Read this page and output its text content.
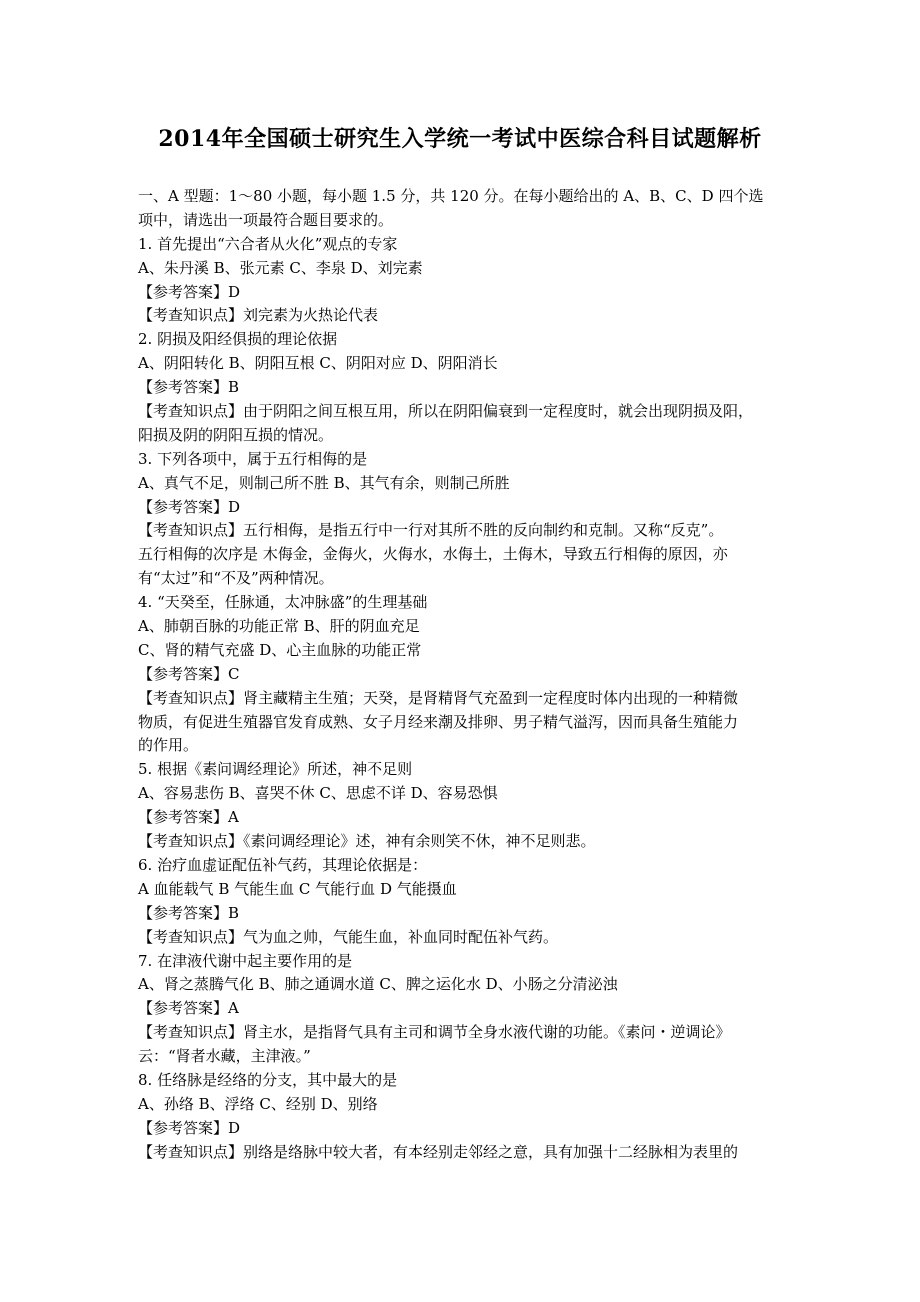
2014年全国硕士研究生入学统一考试中医综合科目试题解析
一、A 型题：1～80 小题，每小题 1.5 分，共 120 分。在每小题给出的 A、B、C、D 四个选
项中，请选出一项最符合题目要求的。
1. 首先提出“六合者从火化”观点的专家
A、朱丹溪 B、张元素 C、李泉 D、刘完素
【参考答案】D
【考查知识点】刘完素为火热论代表
2. 阴损及阳经俱损的理论依据
A、阴阳转化 B、阴阳互根 C、阴阳对应 D、阴阳消长
【参考答案】B
【考查知识点】由于阴阳之间互根互用，所以在阴阳偏衰到一定程度时，就会出现阴损及阳，
阳损及阴的阴阳互损的情况。
3. 下列各项中，属于五行相侮的是
A、真气不足，则制己所不胜 B、其气有余，则制己所胜
【参考答案】D
【考查知识点】五行相侮，是指五行中一行对其所不胜的反向制约和克制。又称“反克”。
五行相侮的次序是 木侮金，金侮火，火侮水，水侮土，土侮木，导致五行相侮的原因，亦
有“太过”和“不及”两种情况。
4. “天癸至，任脉通，太冲脉盛”的生理基础
A、肺朝百脉的功能正常 B、肝的阴血充足
C、肾的精气充盛 D、心主血脉的功能正常
【参考答案】C
【考查知识点】肾主藏精主生殖；天癸，是肾精肾气充盈到一定程度时体内出现的一种精微
物质，有促进生殖器官发育成熟、女子月经来潮及排卵、男子精气溢泻，因而具备生殖能力
的作用。
5. 根据《素问调经理论》所述，神不足则
A、容易悲伤 B、喜哭不休 C、思虑不详 D、容易恐惧
【参考答案】A
【考查知识点】《素问调经理论》述，神有余则笑不休，神不足则悲。
6. 治疗血虚证配伍补气药，其理论依据是：
A 血能载气 B 气能生血 C 气能行血 D 气能摄血
【参考答案】B
【考查知识点】气为血之帅，气能生血，补血同时配伍补气药。
7. 在津液代谢中起主要作用的是
A、肾之蒸腾气化 B、肺之通调水道 C、脾之运化水 D、小肠之分清泌浊
【参考答案】A
【考查知识点】肾主水，是指肾气具有主司和调节全身水液代谢的功能。《素问・逆调论》
云：“肾者水藏，主津液。”
8. 任络脉是经络的分支，其中最大的是
A、孙络 B、浮络 C、经别 D、别络
【参考答案】D
【考查知识点】别络是络脉中较大者，有本经别走邻经之意，具有加强十二经脉相为表里的
